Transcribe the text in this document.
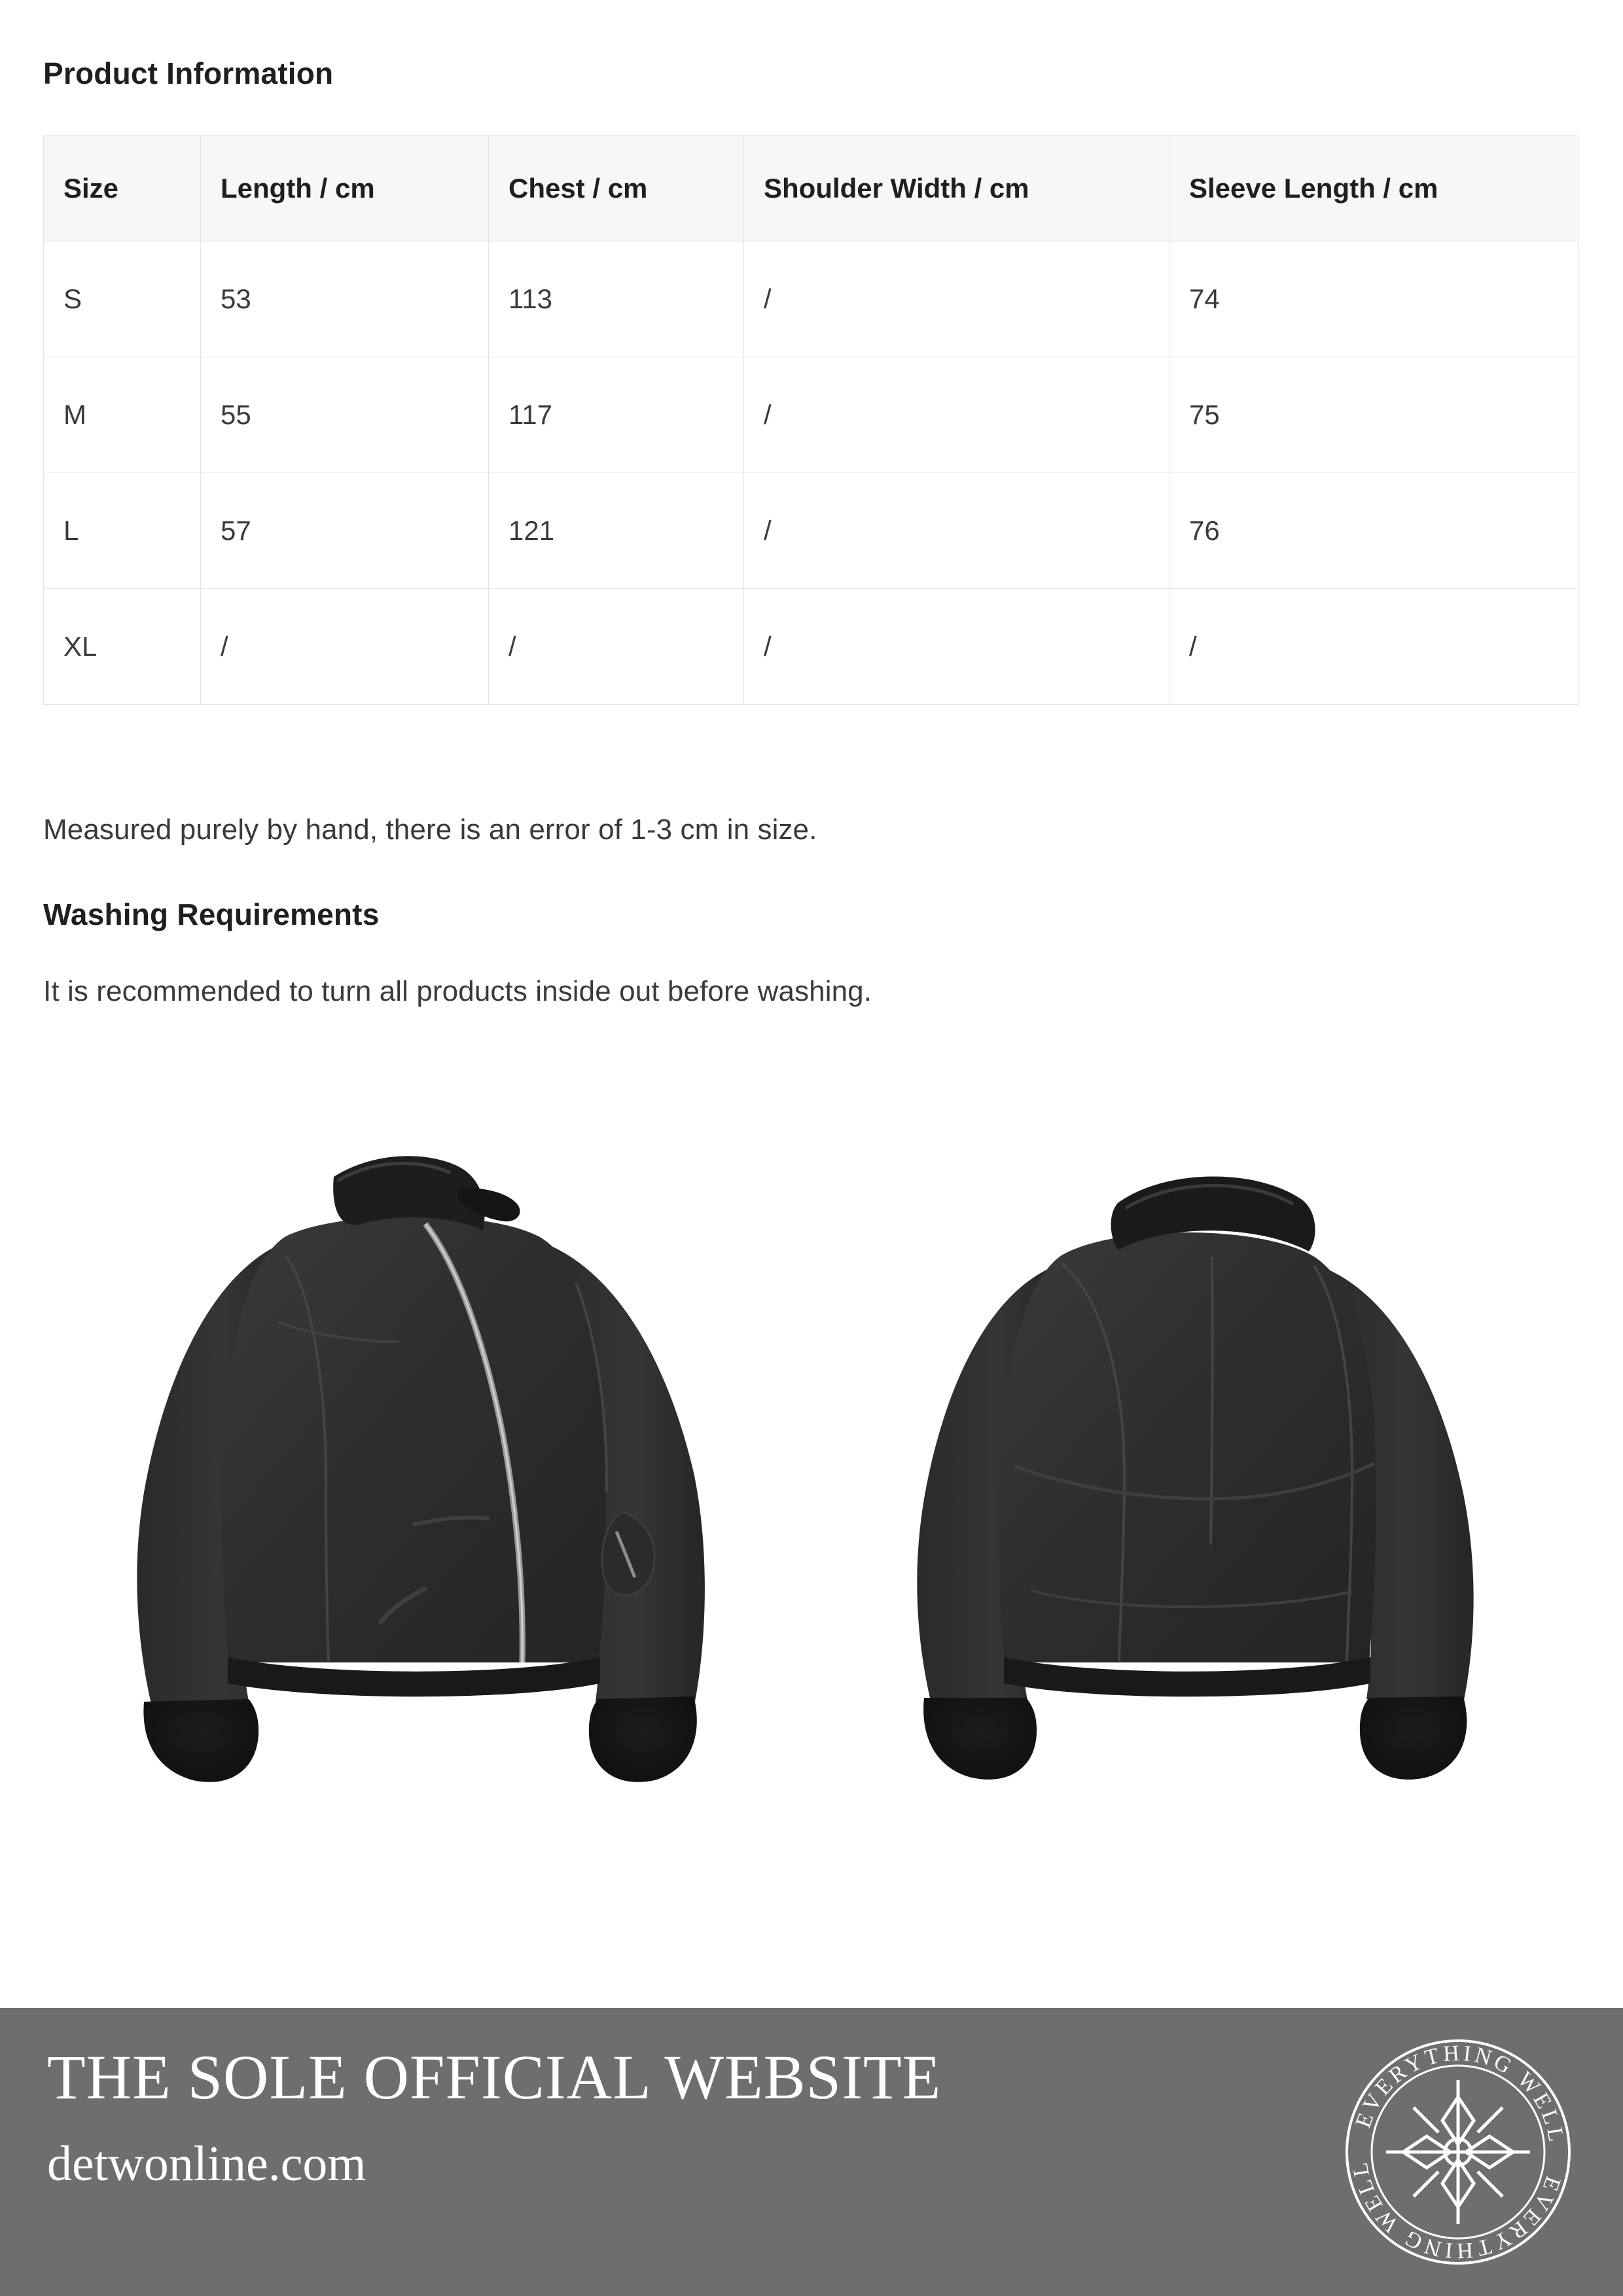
Product Information
Size	Length / cm	Chest / cm	Shoulder Width / cm	Sleeve Length / cm
S	53	113	/	74
M	55	117	/	75
L	57	121	/	76
XL	/	/	/	/
Measured purely by hand, there is an error of 1-3 cm in size.
Washing Requirements
It is recommended to turn all products inside out before washing.
THE SOLE OFFICIAL WEBSITE
detwonline.com
EVERYTHING WELL
EVERYTHING WELL
